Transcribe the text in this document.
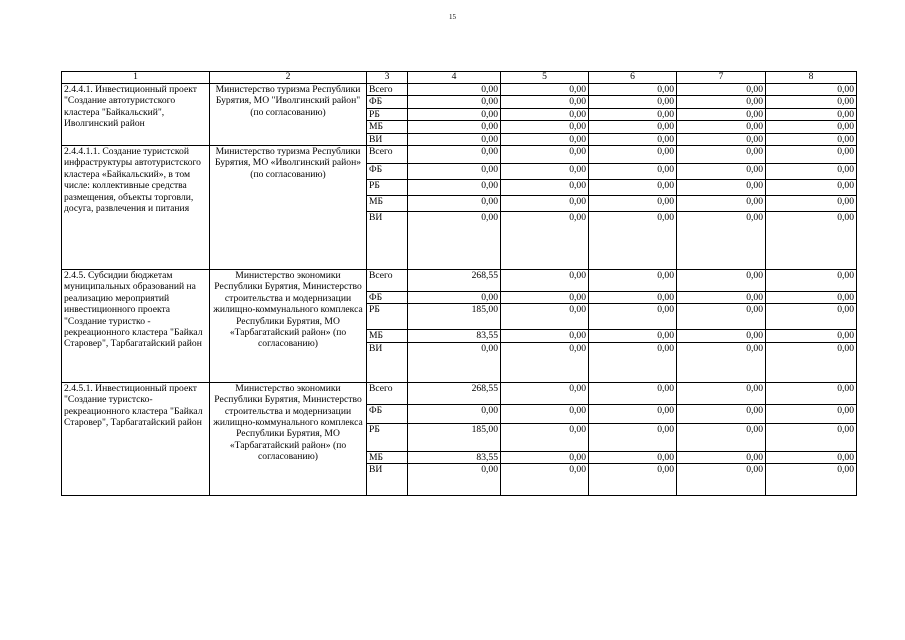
15
1	2	3	4	5	6	7	8
2.4.4.1. Инвестиционный проект "Создание автотуристского кластера "Байкальский", Иволгинский район	Министерство туризма Республики Бурятия, МО "Иволгинский район" (по согласованию)	Всего	0,00	0,00	0,00	0,00	0,00
		ФБ	0,00	0,00	0,00	0,00	0,00
		РБ	0,00	0,00	0,00	0,00	0,00
		МБ	0,00	0,00	0,00	0,00	0,00
		ВИ	0,00	0,00	0,00	0,00	0,00
2.4.4.1.1. Создание туристской инфраструктуры автотуристского кластера «Байкальский», в том числе: коллективные средства размещения, объекты торговли, досуга, развлечения и питания	Министерство туризма Республики Бурятия, МО «Иволгинский район» (по согласованию)	Всего	0,00	0,00	0,00	0,00	0,00
		ФБ	0,00	0,00	0,00	0,00	0,00
		РБ	0,00	0,00	0,00	0,00	0,00
		МБ	0,00	0,00	0,00	0,00	0,00
		ВИ	0,00	0,00	0,00	0,00	0,00
2.4.5. Субсидии бюджетам муниципальных образований на реализацию мероприятий инвестиционного проекта "Создание туристко - рекреационного кластера "Байкал Старовер", Тарбагатайский район	Министерство экономики Республики Бурятия, Министерство строительства и модернизации жилищно-коммунального комплекса Республики Бурятия, МО «Тарбагатайский район» (по согласованию)	Всего	268,55	0,00	0,00	0,00	0,00
		ФБ	0,00	0,00	0,00	0,00	0,00
		РБ	185,00	0,00	0,00	0,00	0,00
		МБ	83,55	0,00	0,00	0,00	0,00
		ВИ	0,00	0,00	0,00	0,00	0,00
2.4.5.1. Инвестиционный проект "Создание туристско-рекреационного кластера "Байкал Старовер", Тарбагатайский район	Министерство экономики Республики Бурятия, Министерство строительства и модернизации жилищно-коммунального комплекса Республики Бурятия, МО «Тарбагатайский район» (по согласованию)	Всего	268,55	0,00	0,00	0,00	0,00
		ФБ	0,00	0,00	0,00	0,00	0,00
		РБ	185,00	0,00	0,00	0,00	0,00
		МБ	83,55	0,00	0,00	0,00	0,00
		ВИ	0,00	0,00	0,00	0,00	0,00
